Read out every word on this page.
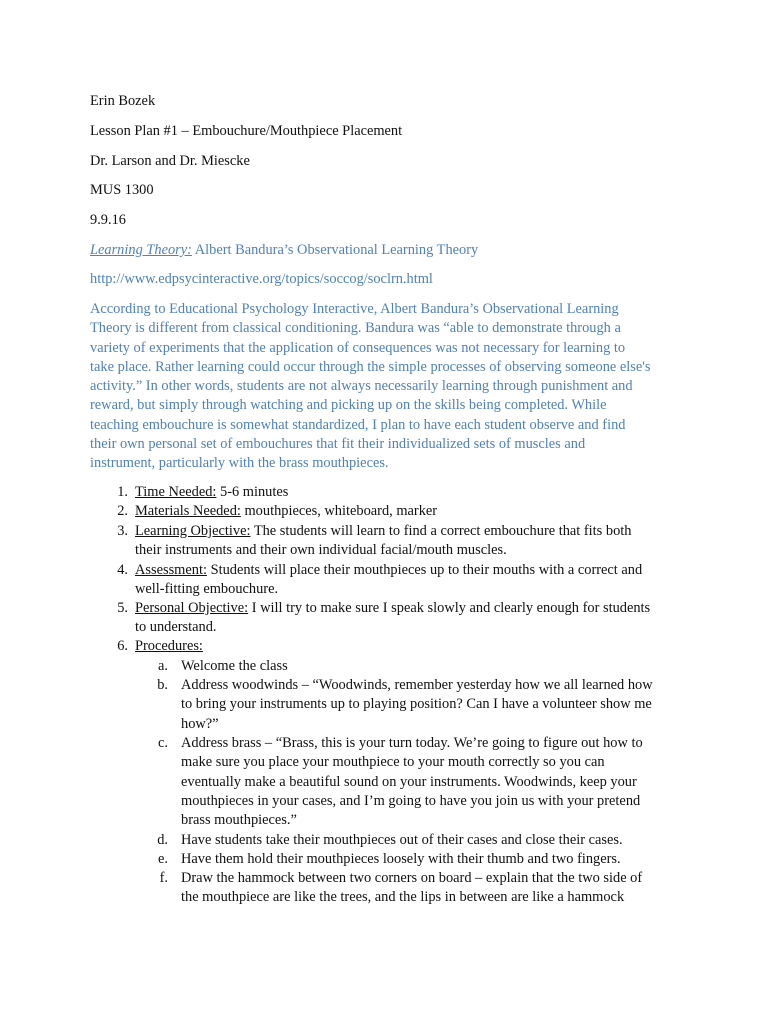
Erin Bozek
Lesson Plan #1 – Embouchure/Mouthpiece Placement
Dr. Larson and Dr. Miescke
MUS 1300
9.9.16
Learning Theory: Albert Bandura’s Observational Learning Theory
http://www.edpsycinteractive.org/topics/soccog/soclrn.html
According to Educational Psychology Interactive, Albert Bandura’s Observational Learning
Theory is different from classical conditioning. Bandura was “able to demonstrate through a
variety of experiments that the application of consequences was not necessary for learning to
take place. Rather learning could occur through the simple processes of observing someone else's
activity.” In other words, students are not always necessarily learning through punishment and
reward, but simply through watching and picking up on the skills being completed. While
teaching embouchure is somewhat standardized, I plan to have each student observe and find
their own personal set of embouchures that fit their individualized sets of muscles and
instrument, particularly with the brass mouthpieces.
1. Time Needed: 5-6 minutes
2. Materials Needed: mouthpieces, whiteboard, marker
3. Learning Objective: The students will learn to find a correct embouchure that fits both
their instruments and their own individual facial/mouth muscles.
4. Assessment: Students will place their mouthpieces up to their mouths with a correct and
well-fitting embouchure.
5. Personal Objective: I will try to make sure I speak slowly and clearly enough for students
to understand.
6. Procedures:
a. Welcome the class
b. Address woodwinds – “Woodwinds, remember yesterday how we all learned how
to bring your instruments up to playing position? Can I have a volunteer show me
how?”
c. Address brass – “Brass, this is your turn today. We’re going to figure out how to
make sure you place your mouthpiece to your mouth correctly so you can
eventually make a beautiful sound on your instruments. Woodwinds, keep your
mouthpieces in your cases, and I’m going to have you join us with your pretend
brass mouthpieces.”
d. Have students take their mouthpieces out of their cases and close their cases.
e. Have them hold their mouthpieces loosely with their thumb and two fingers.
f. Draw the hammock between two corners on board – explain that the two side of
the mouthpiece are like the trees, and the lips in between are like a hammock
